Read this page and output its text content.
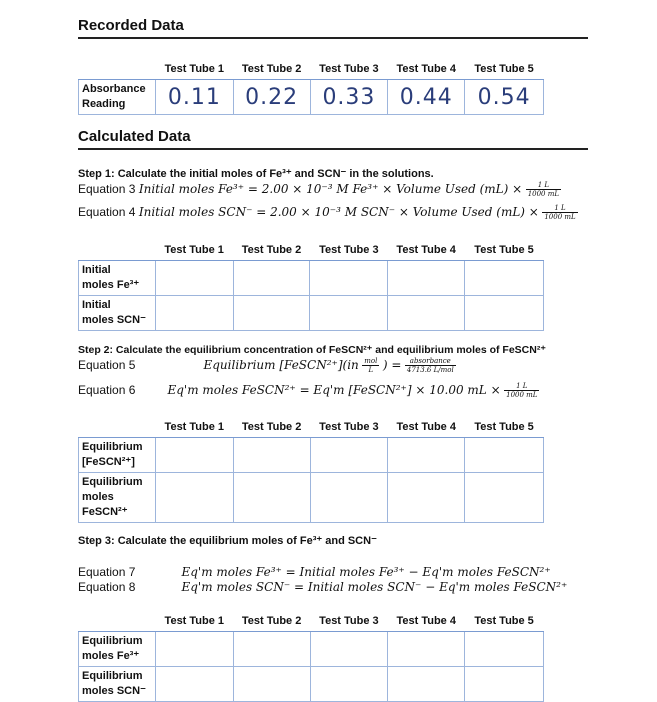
Recorded Data
	Test Tube 1	Test Tube 2	Test Tube 3	Test Tube 4	Test Tube 5

Absorbance
Reading	0.11	0.22	0.33	0.44	0.54
Calculated Data
Step 1: Calculate the initial moles of Fe³⁺ and SCN⁻ in the solutions.
Equation 3 Initial moles Fe³⁺ = 2.00 × 10⁻³ M Fe³⁺ × Volume Used $(mL) \times \frac{1 L}{1000 mL}$
Equation 4 Initial moles SCN⁻ = 2.00 × 10⁻³ M SCN⁻ × Volume Used $(mL) \times \frac{1 L}{1000 mL}$
	Test Tube 1	Test Tube 2	Test Tube 3	Test Tube 4	Test Tube 5

Initial
moles Fe³⁺					

Initial
moles SCN⁻					

Step 2: Calculate the equilibrium concentration of FeSCN²⁺ and equilibrium moles of FeSCN²⁺
Equation 5	Equilibrium [FeSCN²⁺](in $\frac{\text{mol}}{L}$ ) = $\frac{\text{absorbance}}{\text{4713.6 L/mol}}$
Equation 6	Eq'm moles FeSCN²⁺ = Eq'm [FeSCN²⁺] × 10.00 mL × $\frac{1 L}{1000 mL}$
	Test Tube 1	Test Tube 2	Test Tube 3	Test Tube 4	Test Tube 5

Equilibrium
[FeSCN²⁺]					

Equilibrium
moles
FeSCN²⁺					

Step 3: Calculate the equilibrium moles of Fe³⁺ and SCN⁻
Equation 7	Eq'm moles Fe³⁺ = Initial moles Fe³⁺ − Eq'm moles FeSCN²⁺
Equation 8	Eq'm moles SCN⁻ = Initial moles SCN⁻ − Eq'm moles FeSCN²⁺
	Test Tube 1	Test Tube 2	Test Tube 3	Test Tube 4	Test Tube 5

Equilibrium
moles Fe³⁺					

Equilibrium
moles SCN⁻					
